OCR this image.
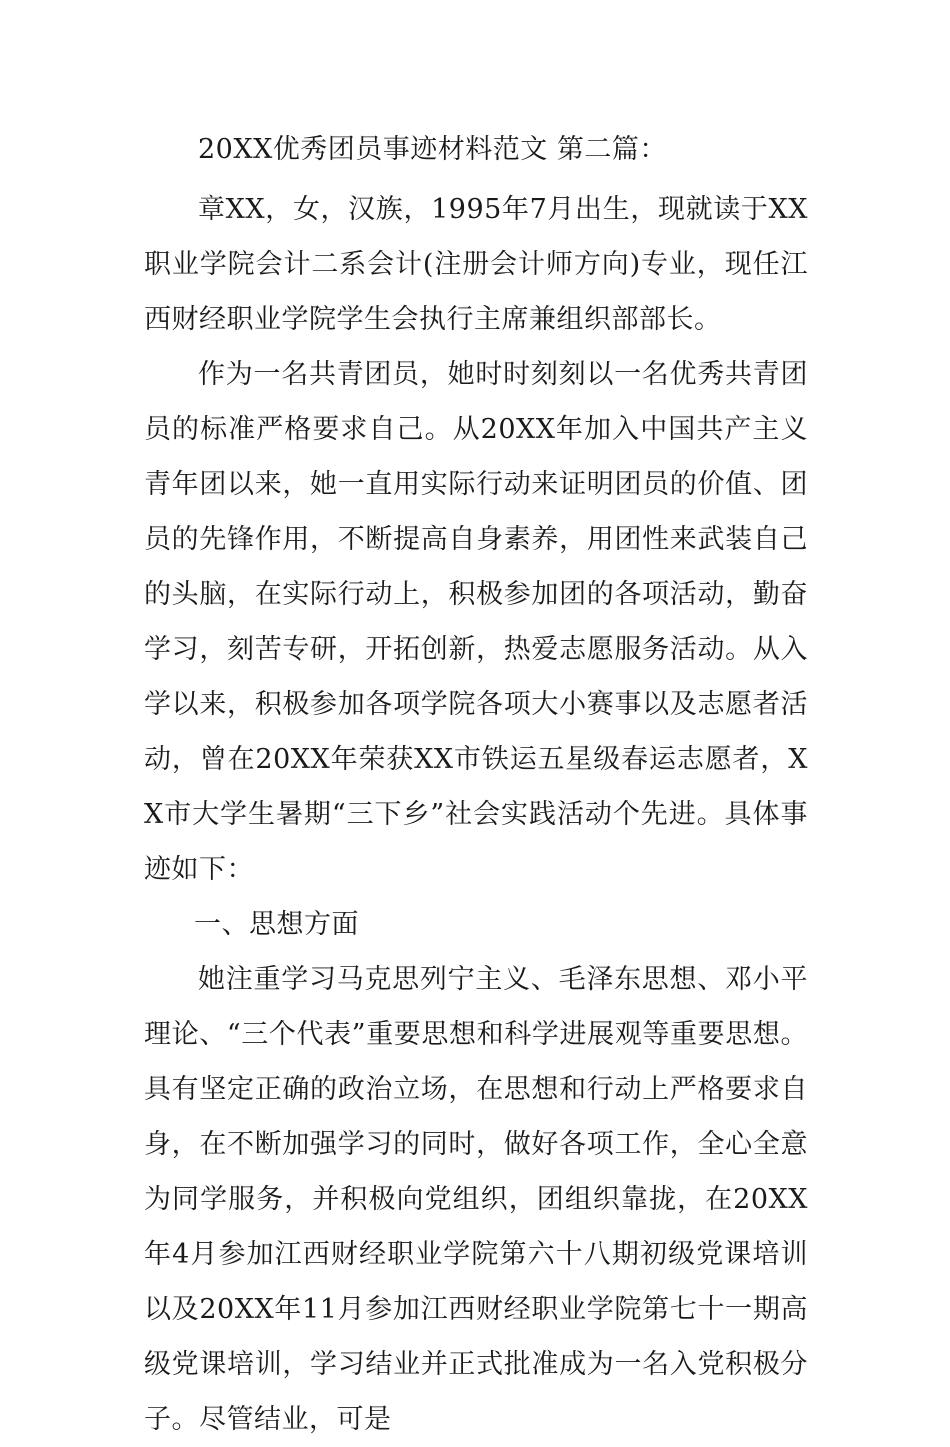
20XX优秀团员事迹材料范文 第二篇：

章XX，女，汉族，1995年7月出生，现就读于XX职业学院会计二系会计(注册会计师方向)专业，现任江西财经职业学院学生会执行主席兼组织部部长。

作为一名共青团员，她时时刻刻以一名优秀共青团员的标准严格要求自己。从20XX年加入中国共产主义青年团以来，她一直用实际行动来证明团员的价值、团员的先锋作用，不断提高自身素养，用团性来武装自己的头脑，在实际行动上，积极参加团的各项活动，勤奋学习，刻苦专研，开拓创新，热爱志愿服务活动。从入学以来，积极参加各项学院各项大小赛事以及志愿者活动，曾在20XX年荣获XX市铁运五星级春运志愿者，XX市大学生暑期“三下乡”社会实践活动个先进。具体事迹如下：

一、思想方面

她注重学习马克思列宁主义、毛泽东思想、邓小平理论、“三个代表”重要思想和科学进展观等重要思想。具有坚定正确的政治立场，在思想和行动上严格要求自身，在不断加强学习的同时，做好各项工作，全心全意为同学服务，并积极向党组织，团组织靠拢，在20XX年4月参加江西财经职业学院第六十八期初级党课培训以及20XX年11月参加江西财经职业学院第七十一期高级党课培训，学习结业并正式批准成为一名入党积极分子。尽管结业，可是
